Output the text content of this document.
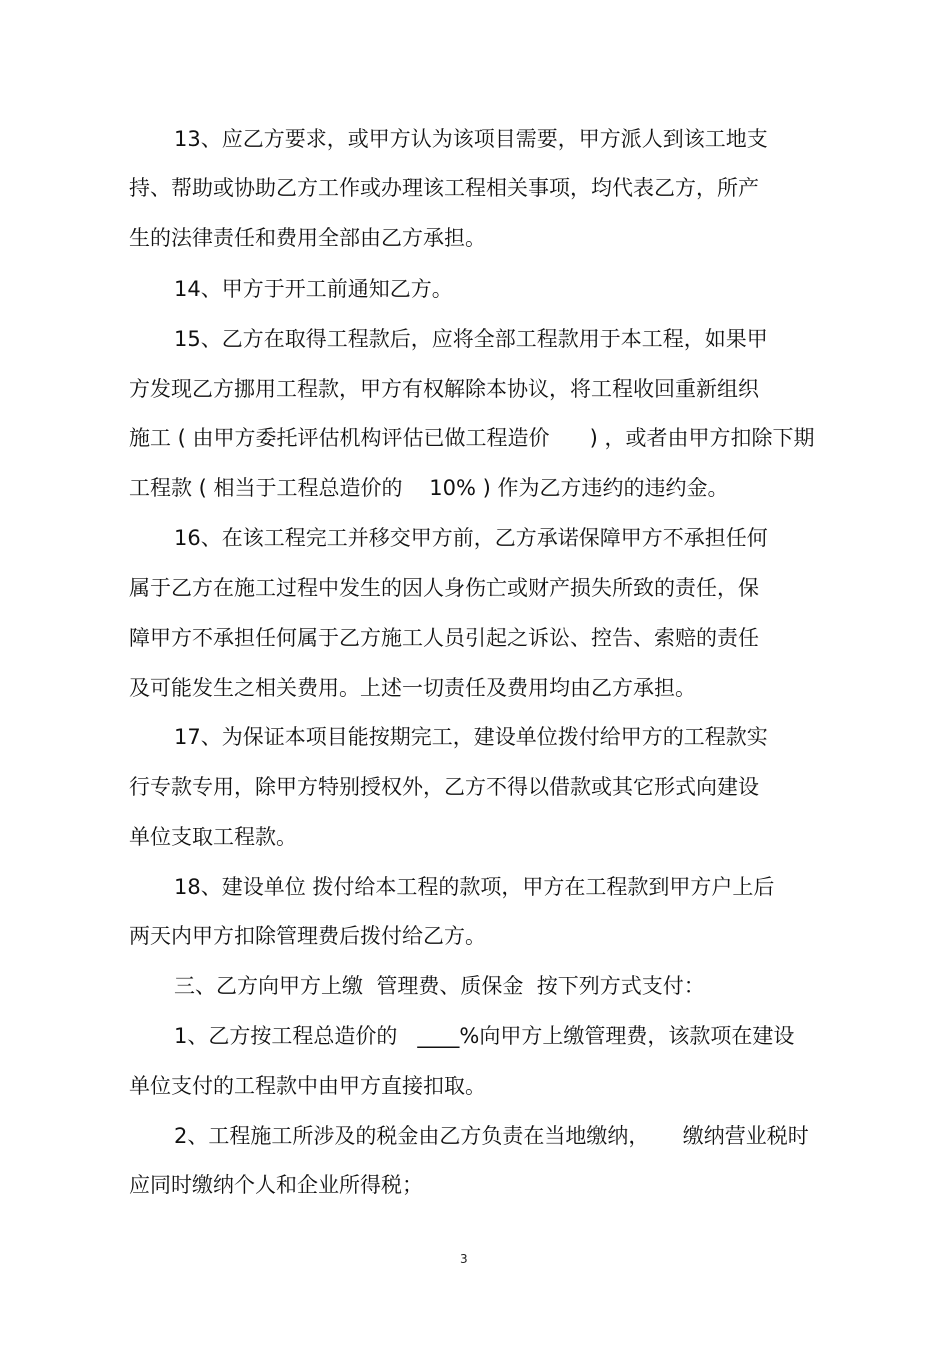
13、应乙方要求，或甲方认为该项目需要，甲方派人到该工地支
持、帮助或协助乙方工作或办理该工程相关事项，均代表乙方，所产
生的法律责任和费用全部由乙方承担。
14、甲方于开工前通知乙方。
15、乙方在取得工程款后，应将全部工程款用于本工程，如果甲
方发现乙方挪用工程款，甲方有权解除本协议，将工程收回重新组织
施工 ( 由甲方委托评估机构评估已做工程造价      ) ，或者由甲方扣除下期
工程款 ( 相当于工程总造价的    10% ) 作为乙方违约的违约金。
16、在该工程完工并移交甲方前，乙方承诺保障甲方不承担任何
属于乙方在施工过程中发生的因人身伤亡或财产损失所致的责任，保
障甲方不承担任何属于乙方施工人员引起之诉讼、控告、索赔的责任
及可能发生之相关费用。上述一切责任及费用均由乙方承担。
17、为保证本项目能按期完工，建设单位拨付给甲方的工程款实
行专款专用，除甲方特别授权外，乙方不得以借款或其它形式向建设
单位支取工程款。
18、建设单位 拨付给本工程的款项，甲方在工程款到甲方户上后
两天内甲方扣除管理费后拨付给乙方。
三、乙方向甲方上缴  管理费、质保金  按下列方式支付：
1、乙方按工程总造价的   ____%向甲方上缴管理费，该款项在建设
单位支付的工程款中由甲方直接扣取。
2、工程施工所涉及的税金由乙方负责在当地缴纳，     缴纳营业税时
应同时缴纳个人和企业所得税；
3
